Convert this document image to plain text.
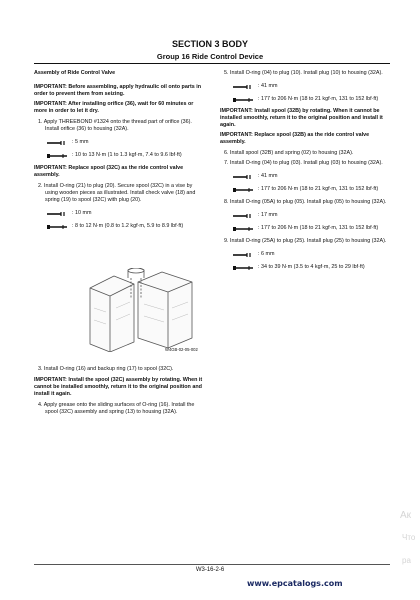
SECTION 3 BODY
Group 16 Ride Control Device

Assembly of Ride Control Valve

IMPORTANT: Before assembling, apply hydraulic oil onto parts in order to prevent them from seizing.

IMPORTANT: After installing orifice (36), wait for 60 minutes or more in order to let it dry.

1. Apply THREEBOND #1324 onto the thread part of orifice (36). Install orifice (36) to housing (32A).

: 5 mm
: 10 to 13 N·m (1 to 1.3 kgf·m, 7.4 to 9.6 lbf·ft)

IMPORTANT: Replace spool (32C) as the ride control valve assembly.

2. Install O-ring (21) to plug (20). Secure spool (32C) in a vise by using wooden pieces as illustrated. Install check valve (18) and spring (19) to spool (32C) with plug (20).

: 10 mm
: 8 to 12 N·m (0.8 to 1.2 kgf·m, 5.9 to 8.9 lbf·ft)
W4GB-02-05-002

3. Install O-ring (16) and backup ring (17) to spool (32C).

IMPORTANT: Install the spool (32C) assembly by rotating. When it cannot be installed smoothly, return it to the original position and install it again.

4. Apply grease onto the sliding surfaces of O-ring (16). Install the spool (32C) assembly and spring (13) to housing (32A).

5. Install O-ring (04) to plug (10). Install plug (10) to housing (32A).

: 41 mm
: 177 to 206 N·m (18 to 21 kgf·m, 131 to 152 lbf·ft)

IMPORTANT: Install spool (32B) by rotating. When it cannot be installed smoothly, return it to the original position and install it again.

IMPORTANT: Replace spool (32B) as the ride control valve assembly.

6. Install spool (32B) and spring (02) to housing (32A).

7. Install O-ring (04) to plug (03). Install plug (03) to housing (32A).

: 41 mm
: 177 to 206 N·m (18 to 21 kgf·m, 131 to 152 lbf·ft)

8. Install O-ring (05A) to plug (05). Install plug (05) to housing (32A).

: 17 mm
: 177 to 206 N·m (18 to 21 kgf·m, 131 to 152 lbf·ft)

9. Install O-ring (25A) to plug (25). Install plug (25) to housing (32A).

: 6 mm
: 34 to 39 N·m (3.5 to 4 kgf·m, 25 to 29 lbf·ft)
Ак
Что
ра
W3-16-2-6
www.epcatalogs.com
